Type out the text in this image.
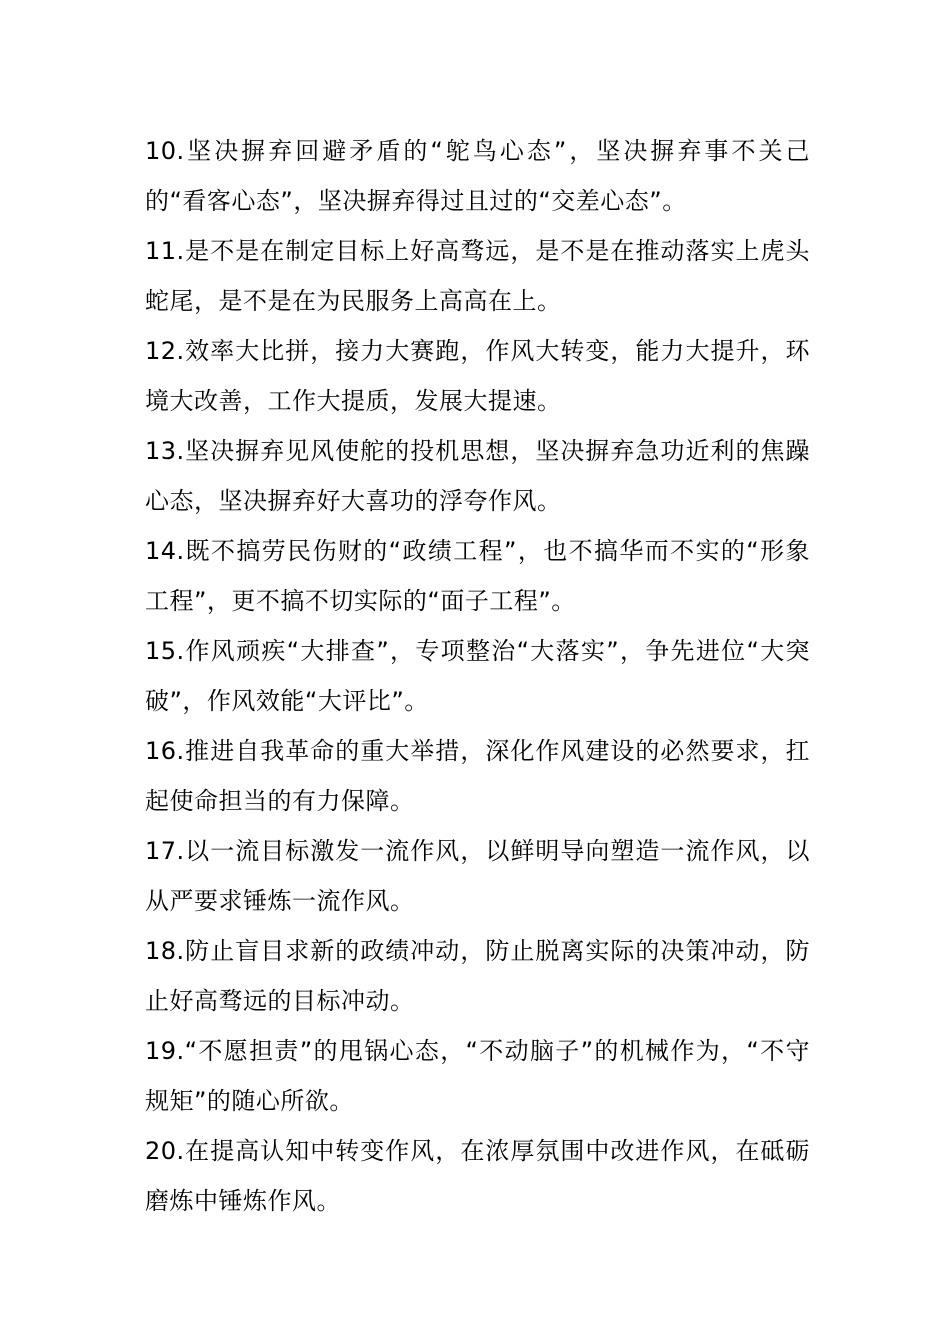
10.坚决摒弃回避矛盾的“鸵鸟心态”，坚决摒弃事不关己的“看客心态”，坚决摒弃得过且过的“交差心态”。

11.是不是在制定目标上好高骛远，是不是在推动落实上虎头蛇尾，是不是在为民服务上高高在上。

12.效率大比拼，接力大赛跑，作风大转变，能力大提升，环境大改善，工作大提质，发展大提速。

13.坚决摒弃见风使舵的投机思想，坚决摒弃急功近利的焦躁心态，坚决摒弃好大喜功的浮夸作风。

14.既不搞劳民伤财的“政绩工程”，也不搞华而不实的“形象工程”，更不搞不切实际的“面子工程”。

15.作风顽疾“大排查”，专项整治“大落实”，争先进位“大突破”，作风效能“大评比”。

16.推进自我革命的重大举措，深化作风建设的必然要求，扛起使命担当的有力保障。

17.以一流目标激发一流作风，以鲜明导向塑造一流作风，以从严要求锤炼一流作风。

18.防止盲目求新的政绩冲动，防止脱离实际的决策冲动，防止好高骛远的目标冲动。

19.“不愿担责”的甩锅心态，“不动脑子”的机械作为，“不守规矩”的随心所欲。

20.在提高认知中转变作风，在浓厚氛围中改进作风，在砥砺磨炼中锤炼作风。
